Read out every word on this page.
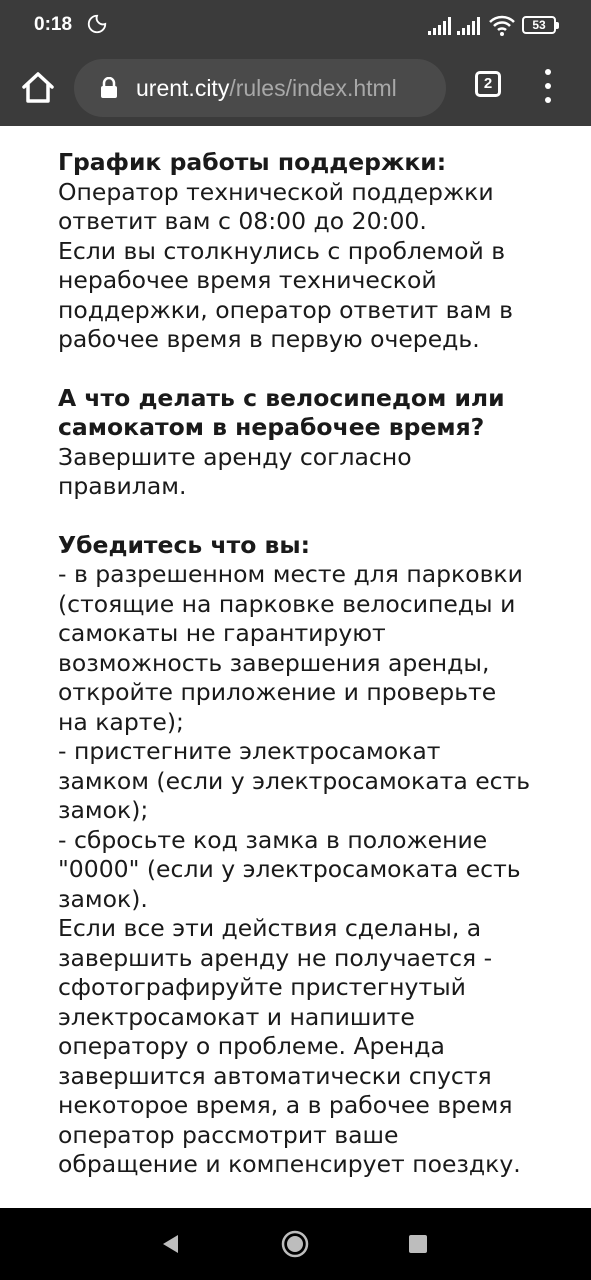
0:18	53
urent.city/rules/index.html	2
График работы поддержки:
Оператор технической поддержки
ответит вам с 08:00 до 20:00.
Если вы столкнулись с проблемой в
нерабочее время технической
поддержки, оператор ответит вам в
рабочее время в первую очередь.
А что делать с велосипедом или
самокатом в нерабочее время?
Завершите аренду согласно
правилам.
Убедитесь что вы:
- в разрешенном месте для парковки
(стоящие на парковке велосипеды и
самокаты не гарантируют
возможность завершения аренды,
откройте приложение и проверьте
на карте);
- пристегните электросамокат
замком (если у электросамоката есть
замок);
- сбросьте код замка в положение
"0000" (если у электросамоката есть
замок).
Если все эти действия сделаны, а
завершить аренду не получается -
сфотографируйте пристегнутый
электросамокат и напишите
оператору о проблеме. Аренда
завершится автоматически спустя
некоторое время, а в рабочее время
оператор рассмотрит ваше
обращение и компенсирует поездку.
